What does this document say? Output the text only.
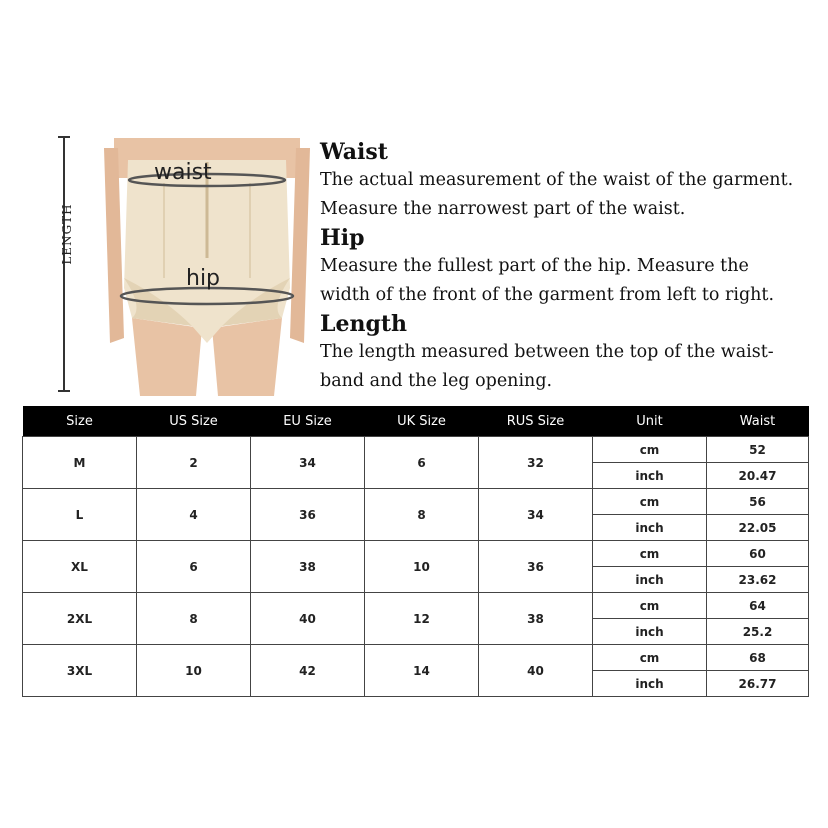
LENGTH
waist
hip
Waist

The actual measurement of the waist of the garment.

Measure the narrowest part of the waist.

Hip

Measure the fullest part of the hip. Measure the

width of the front of the garment from left to right.

Length

The length measured between the top of the waist-

band and the leg opening.

Size	US Size	EU Size	UK Size	RUS Size	Unit	Waist
M	2	34	6	32	cm	52
					inch	20.47
L	4	36	8	34	cm	56
					inch	22.05
XL	6	38	10	36	cm	60
					inch	23.62
2XL	8	40	12	38	cm	64
					inch	25.2
3XL	10	42	14	40	cm	68
					inch	26.77
